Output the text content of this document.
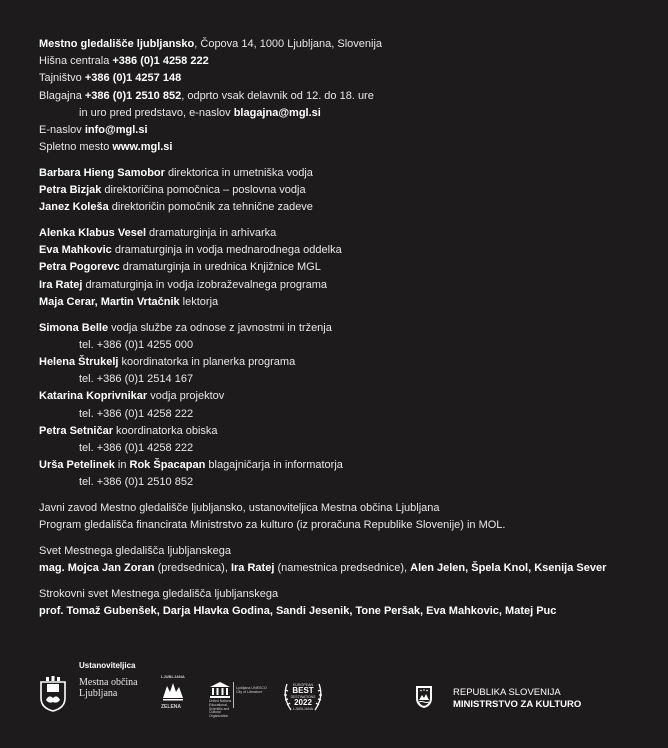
Mestno gledališče ljubljansko, Čopova 14, 1000 Ljubljana, Slovenija
Hišna centrala +386 (0)1 4258 222
Tajništvo +386 (0)1 4257 148
Blagajna +386 (0)1 2510 852, odprto vsak delavnik od 12. do 18. ure
in uro pred predstavo, e-naslov blagajna@mgl.si
E-naslov info@mgl.si
Spletno mesto www.mgl.si
Barbara Hieng Samobor direktorica in umetniška vodja
Petra Bizjak direktoričina pomočnica – poslovna vodja
Janez Koleša direktoričin pomočnik za tehnične zadeve
Alenka Klabus Vesel dramaturginja in arhivarka
Eva Mahkovic dramaturginja in vodja mednarodnega oddelka
Petra Pogorevc dramaturginja in urednica Knjižnice MGL
Ira Ratej dramaturginja in vodja izobraževalnega programa
Maja Cerar, Martin Vrtačnik lektorja
Simona Belle vodja službe za odnose z javnostmi in trženja
tel. +386 (0)1 4255 000
Helena Štrukelj koordinatorka in planerka programa
tel. +386 (0)1 2514 167
Katarina Koprivnikar vodja projektov
tel. +386 (0)1 4258 222
Petra Setničar koordinatorka obiska
tel. +386 (0)1 4258 222
Urša Petelinek in Rok Špacapan blagajničarja in informatorja
tel. +386 (0)1 2510 852
Javni zavod Mestno gledališče ljubljansko, ustanoviteljica Mestna občina Ljubljana
Program gledališča financirata Ministrstvo za kulturo (iz proračuna Republike Slovenije) in MOL.
Svet Mestnega gledališča ljubljanskega
mag. Mojca Jan Zoran (predsednica), Ira Ratej (namestnica predsednice), Alen Jelen, Špela Knol, Ksenija Sever
Strokovni svet Mestnega gledališča ljubljanskega
prof. Tomaž Gubenšek, Darja Hlavka Godina, Sandi Jesenik, Tone Peršak, Eva Mahkovic, Matej Puc
Ustanoviteljica
Mestna občina
Ljubljana
LJUBLJANA
ZELENA
United Nations Educational, Scientific and Cultural Organization
Ljubljana UNESCO City of Literature
EUROPEAN
BEST
DESTINATIONS
2022
LJUBLJANA
REPUBLIKA SLOVENIJA
MINISTRSTVO ZA KULTURO
